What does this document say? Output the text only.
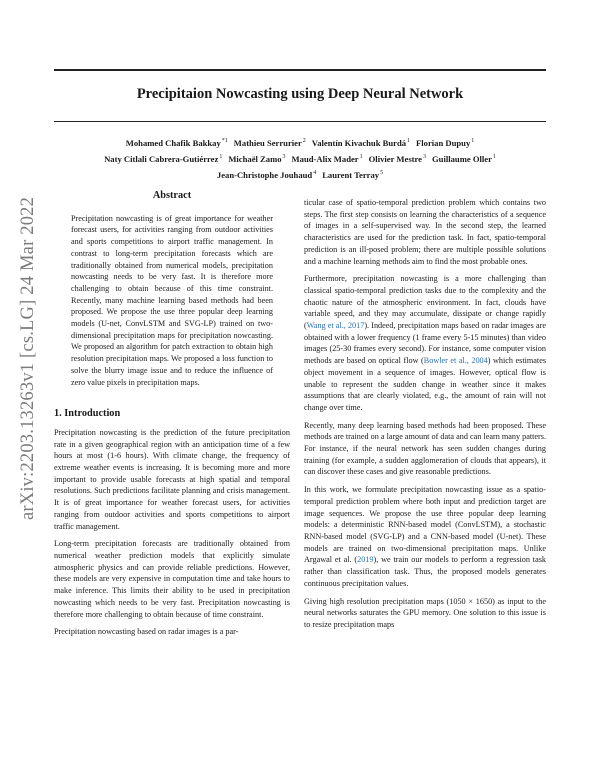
Precipitaion Nowcasting using Deep Neural Network
Mohamed Chafik Bakkay$^{*1}$ Mathieu Serrurier$^2$ Valentín Kivachuk Burdá$^1$ Florian Dupuy$^1$
Naty Citlali Cabrera-Gutiérrez$^1$ Michaël Zamo$^3$ Maud-Alix Mader$^1$ Olivier Mestre$^3$ Guillaume Oller$^1$
Jean-Christophe Jouhaud$^4$ Laurent Terray$^5$
arXiv:2203.13263v1 [cs.LG] 24 Mar 2022
Abstract
Precipitation nowcasting is of great importance for weather forecast users, for activities ranging from outdoor activities and sports competitions to airport traffic management. In contrast to long-term precipitation forecasts which are traditionally obtained from numerical models, precipitation nowcasting needs to be very fast. It is therefore more challenging to obtain because of this time constraint. Recently, many machine learning based methods had been proposed. We propose the use three popular deep learning models (U-net, ConvLSTM and SVG-LP) trained on two-dimensional precipitation maps for precipitation nowcasting. We proposed an algorithm for patch extraction to obtain high resolution precipitation maps. We proposed a loss function to solve the blurry image issue and to reduce the influence of zero value pixels in precipitation maps.
1. Introduction

Precipitation nowcasting is the prediction of the future precipitation rate in a given geographical region with an anticipation time of a few hours at most (1-6 hours). With climate change, the frequency of extreme weather events is increasing. It is becoming more and more important to provide usable forecasts at high spatial and temporal resolutions. Such predictions facilitate planning and crisis management. It is of great importance for weather forecast users, for activities ranging from outdoor activities and sports competitions to airport traffic management.

Long-term precipitation forecasts are traditionally obtained from numerical weather prediction models that explicitly simulate atmospheric physics and can provide reliable predictions. However, these models are very expensive in computation time and take hours to make inference. This limits their ability to be used in precipitation nowcasting which needs to be very fast. Precipitation nowcasting is therefore more challenging to obtain because of time constraint.

Precipitation nowcasting based on radar images is a par-

ticular case of spatio-temporal prediction problem which contains two steps. The first step consists on learning the characteristics of a sequence of images in a self-supervised way. In the second step, the learned characteristics are used for the prediction task. In fact, spatio-temporal prediction is an ill-posed problem; there are multiple possible solutions and a machine learning methods aim to find the most probable ones.

Furthermore, precipitation nowcasting is a more challenging than classical spatio-temporal prediction tasks due to the complexity and the chaotic nature of the atmospheric environment. In fact, clouds have variable speed, and they may accumulate, dissipate or change rapidly (Wang et al., 2017). Indeed, precipitation maps based on radar images are obtained with a lower frequency (1 frame every 5-15 minutes) than video images (25-30 frames every second). For instance, some computer vision methods are based on optical flow (Bowler et al., 2004) which estimates object movement in a sequence of images. However, optical flow is unable to represent the sudden change in weather since it makes assumptions that are clearly violated, e.g., the amount of rain will not change over time.

Recently, many deep learning based methods had been proposed. These methods are trained on a large amount of data and can learn many patters. For instance, if the neural network has seen sudden changes during training (for example, a sudden agglomeration of clouds that appears), it can discover these cases and give reasonable predictions.

In this work, we formulate precipitation nowcasting issue as a spatio-temporal prediction problem where both input and prediction target are image sequences. We propose the use three popular deep learning models: a deterministic RNN-based model (ConvLSTM), a stochastic RNN-based model (SVG-LP) and a CNN-based model (U-net). These models are trained on two-dimensional precipitation maps. Unlike Argawal et al. (2019), we train our models to perform a regression task rather than classification task. Thus, the proposed models generates continuous precipitation values.

Giving high resolution precipitation maps (1050 × 1650) as input to the neural networks saturates the GPU memory. One solution to this issue is to resize precipitation maps
